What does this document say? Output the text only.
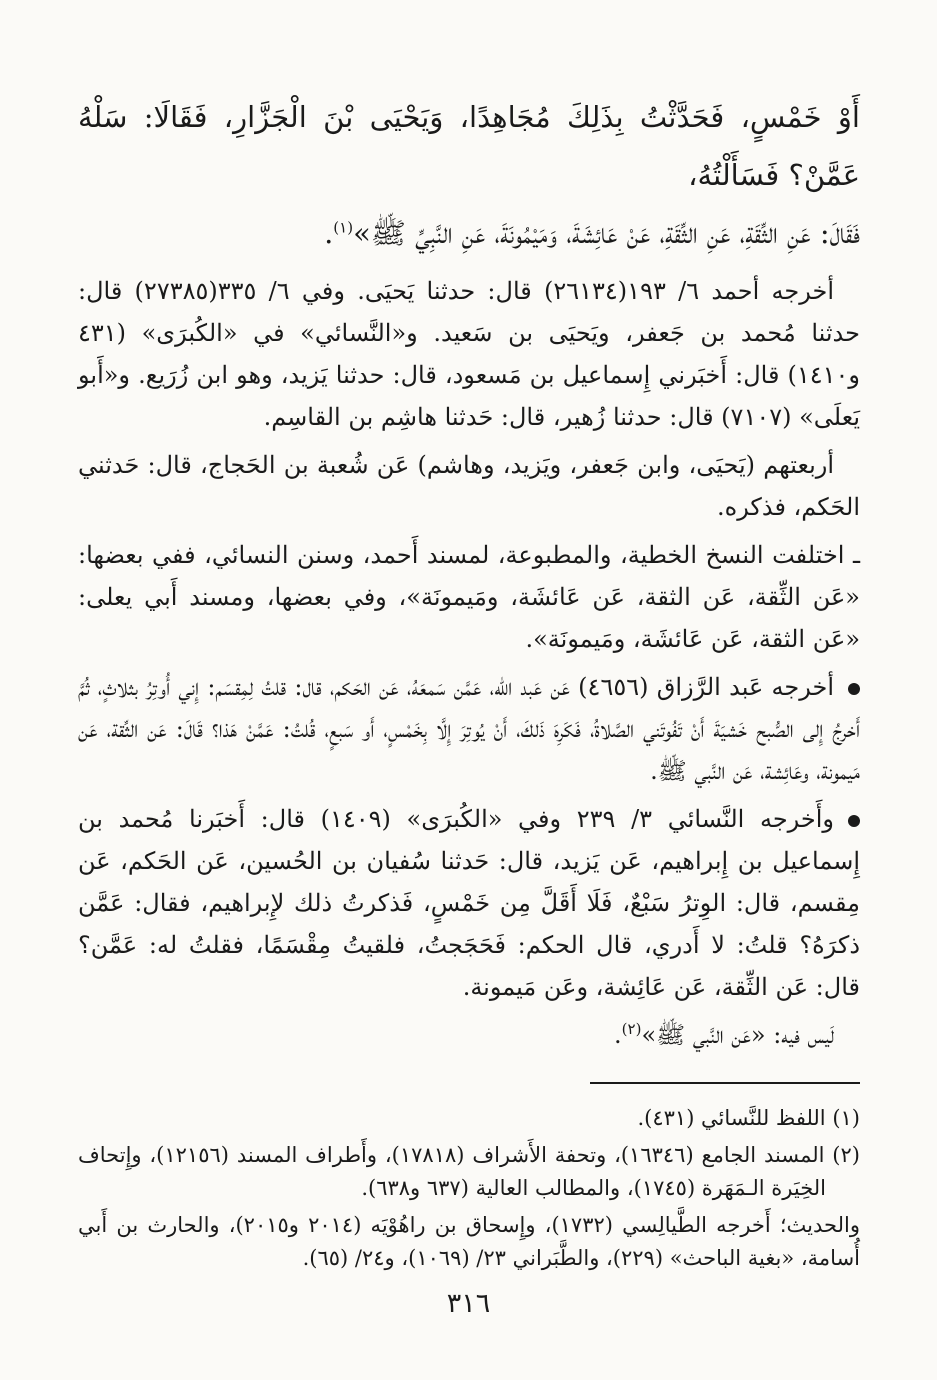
أَوْ خَمْسٍ، فَحَدَّثْتُ بِذَلِكَ مُجَاهِدًا، وَيَحْيَى بْنَ الْجَزَّارِ، فَقَالَا: سَلْهُ عَمَّنْ؟ فَسَأَلْتُهُ،

فَقَالَ: عَنِ الثِّقَةِ، عَنِ الثِّقَةِ، عَنْ عَائِشَةَ، وَمَيْمُونَةَ، عَنِ النَّبِيِّ ﷺ»$^{(١)}$.

أخرجه أحمد ٦/ ١٩٣(٢٦١٣٤) قال: حدثنا يَحيَى. وفي ٦/ ٣٣٥(٢٧٣٨٥) قال: حدثنا مُحمد بن جَعفر، ويَحيَى بن سَعيد. و«النَّسائي» في «الكُبرَى» (٤٣١ و١٤١٠) قال: أَخبَرني إِسماعيل بن مَسعود، قال: حدثنا يَزيد، وهو ابن زُرَيع. و«أَبو يَعلَى» (٧١٠٧) قال: حدثنا زُهير، قال: حَدثنا هاشِم بن القاسِم.

أربعتهم (يَحيَى، وابن جَعفر، ويَزيد، وهاشم) عَن شُعبة بن الحَجاج، قال: حَدثني الحَكم، فذكره.

ـ اختلفت النسخ الخطية، والمطبوعة، لمسند أَحمد، وسنن النسائي، ففي بعضها: «عَن الثِّقة، عَن الثقة، عَن عَائشَة، ومَيمونَة»، وفي بعضها، ومسند أَبي يعلى: «عَن الثقة، عَن عَائشَة، ومَيمونَة».

أخرجه عَبد الرَّزاق (٤٦٥٦) عَن عَبد الله، عَمَّن سَمعَهُ، عَن الحَكم، قال: قلتُ لِمِقسَم: إِني أُوتِرُ بثلاثٍ، ثُمَّ أَخرجُ إِلى الصُّبح خَشيَةَ أَنْ تَفُوتَني الصَّلاةُ، فَكَرِهَ ذَلكَ، أَنْ يُوتِرَ إِلَّا بِخَمْسٍ، أَو سَبعٍ، قُلتُ: عَمَّنْ هَذا؟ قَالَ: عَن الثِّقة، عَن مَيمونة، وعَائِشة، عَن النَّبي ﷺ.

وأَخرجه النَّسائي ٣/ ٢٣٩ وفي «الكُبرَى» (١٤٠٩) قال: أَخبَرنا مُحمد بن إِسماعيل بن إِبراهيم، عَن يَزيد، قال: حَدثنا سُفيان بن الحُسين، عَن الحَكم، عَن مِقسم، قال: الوِترُ سَبْعٌ، فَلَا أَقَلَّ مِن خَمْسٍ، فَذكرتُ ذلك لإِبراهيم، فقال: عَمَّن ذكرَهُ؟ قلتُ: لا أَدري، قال الحكم: فَحَجَجتُ، فلقيتُ مِقْسَمًا، فقلتُ له: عَمَّن؟ قال: عَن الثِّقة، عَن عَائِشة، وعَن مَيمونة.

لَيس فيه: «عَن النَّبي ﷺ»$^{(٢)}$.

(١) اللفظ للنَّسائي (٤٣١).

(٢) المسند الجامع (١٦٣٤٦)، وتحفة الأَشراف (١٧٨١٨)، وأَطراف المسند (١٢١٥٦)، وإِتحاف الخِيَرة الـمَهَرة (١٧٤٥)، والمطالب العالية (٦٣٧ و٦٣٨).

والحديث؛ أَخرجه الطَّيالِسي (١٧٣٢)، وإِسحاق بن راهُوْيَه (٢٠١٤ و٢٠١٥)، والحارث بن أَبي أُسامة، «بغية الباحث» (٢٢٩)، والطَّبَراني ٢٣/ (١٠٦٩)، و٢٤/ (٦٥).

٣١٦
